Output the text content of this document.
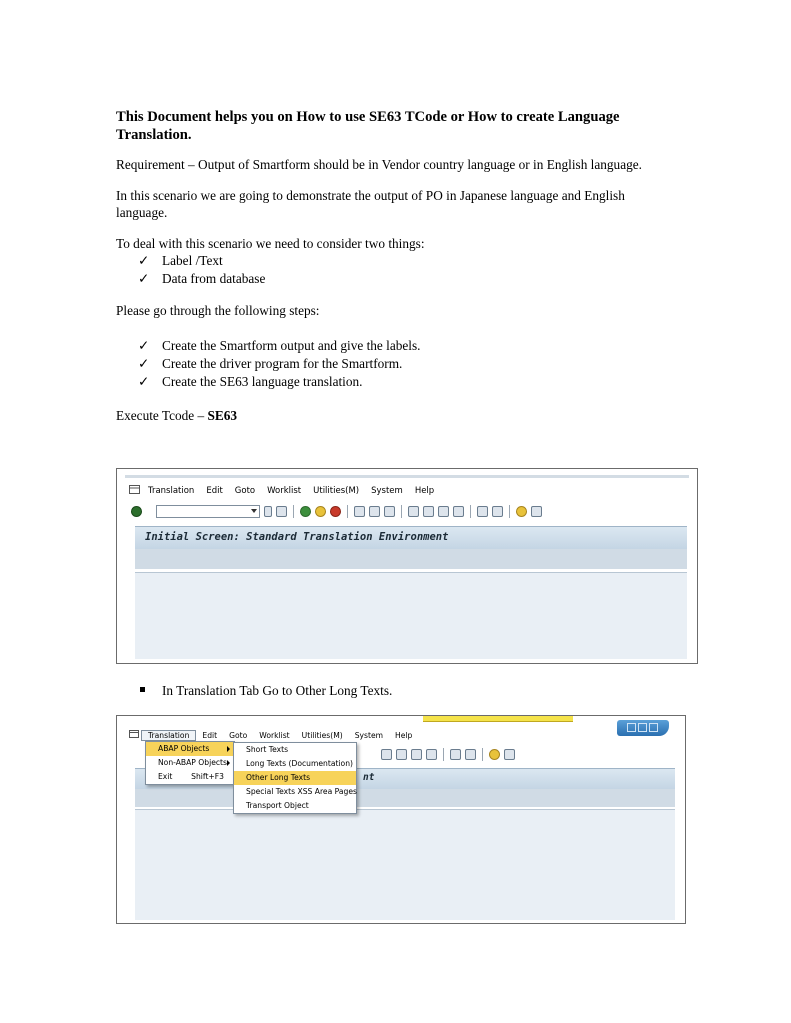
This Document helps you on How to use SE63 TCode or How to create Language Translation.
Requirement – Output of Smartform should be in Vendor country language or in English language.
In this scenario we are going to demonstrate the output of PO in Japanese language and English language.
To deal with this scenario we need to consider two things:
✓ Label /Text
✓ Data from database
Please go through the following steps:
✓ Create the Smartform output and give the labels.
✓ Create the driver program for the Smartform.
✓ Create the SE63 language translation.
Execute Tcode – SE63
Translation	Edit	Goto	Worklist	Utilities(M)	System	Help
Initial Screen: Standard Translation Environment
In Translation Tab Go to Other Long Texts.
Translation	Edit	Goto	Worklist	Utilities(M)	System	Help
nt
ABAP Objects
Non-ABAP Objects
Exit Shift+F3
Short Texts
Long Texts (Documentation)
Other Long Texts
Special Texts XSS Area Pages
Transport Object
